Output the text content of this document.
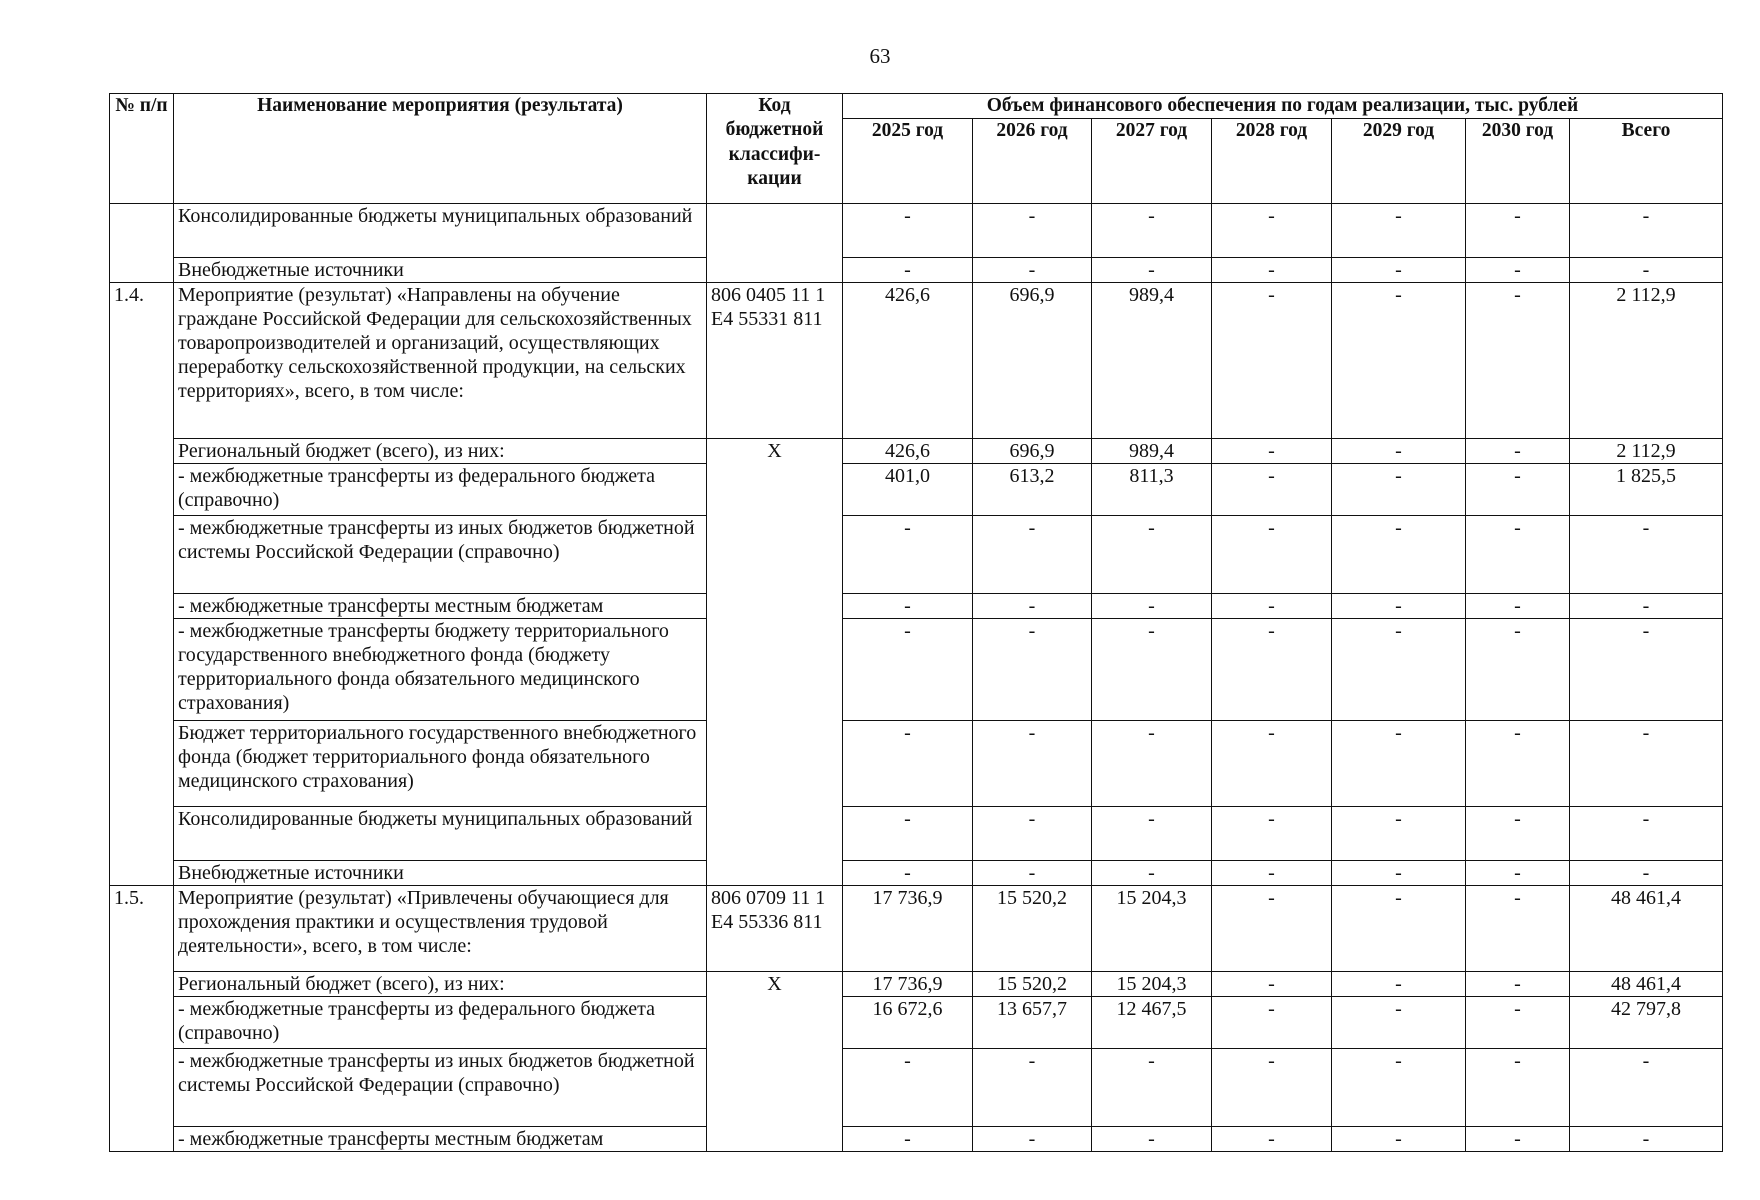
63
№ п/п	Наименование мероприятия (результата)	Код бюджетной классифи-кации	Объем финансового обеспечения по годам реализации, тыс. рублей						
			2025 год	2026 год	2027 год	2028 год	2029 год	2030 год	Всего
	Консолидированные бюджеты муниципальных образований		-	-	-	-	-	-	-
	Внебюджетные источники		-	-	-	-	-	-	-
1.4.	Мероприятие (результат) «Направлены на обучение граждане Российской Федерации для сельскохозяйственных товаропроизводителей и организаций, осуществляющих переработку сельскохозяйственной продукции, на сельских территориях», всего, в том числе:	806 0405 11 1 Е4 55331 811	426,6	696,9	989,4	-	-	-	2 112,9
	Региональный бюджет (всего), из них:	Х	426,6	696,9	989,4	-	-	-	2 112,9
	- межбюджетные трансферты из федерального бюджета (справочно)		401,0	613,2	811,3	-	-	-	1 825,5
	- межбюджетные трансферты из иных бюджетов бюджетной системы Российской Федерации (справочно)		-	-	-	-	-	-	-
	- межбюджетные трансферты местным бюджетам		-	-	-	-	-	-	-
	- межбюджетные трансферты бюджету территориального государственного внебюджетного фонда (бюджету территориального фонда обязательного медицинского страхования)		-	-	-	-	-	-	-
	Бюджет территориального государственного внебюджетного фонда (бюджет территориального фонда обязательного медицинского страхования)		-	-	-	-	-	-	-
	Консолидированные бюджеты муниципальных образований		-	-	-	-	-	-	-
	Внебюджетные источники		-	-	-	-	-	-	-
1.5.	Мероприятие (результат) «Привлечены обучающиеся для прохождения практики и осуществления трудовой деятельности», всего, в том числе:	806 0709 11 1 Е4 55336 811	17 736,9	15 520,2	15 204,3	-	-	-	48 461,4
	Региональный бюджет (всего), из них:	Х	17 736,9	15 520,2	15 204,3	-	-	-	48 461,4
	- межбюджетные трансферты из федерального бюджета (справочно)		16 672,6	13 657,7	12 467,5	-	-	-	42 797,8
	- межбюджетные трансферты из иных бюджетов бюджетной системы Российской Федерации (справочно)		-	-	-	-	-	-	-
	- межбюджетные трансферты местным бюджетам		-	-	-	-	-	-	-
